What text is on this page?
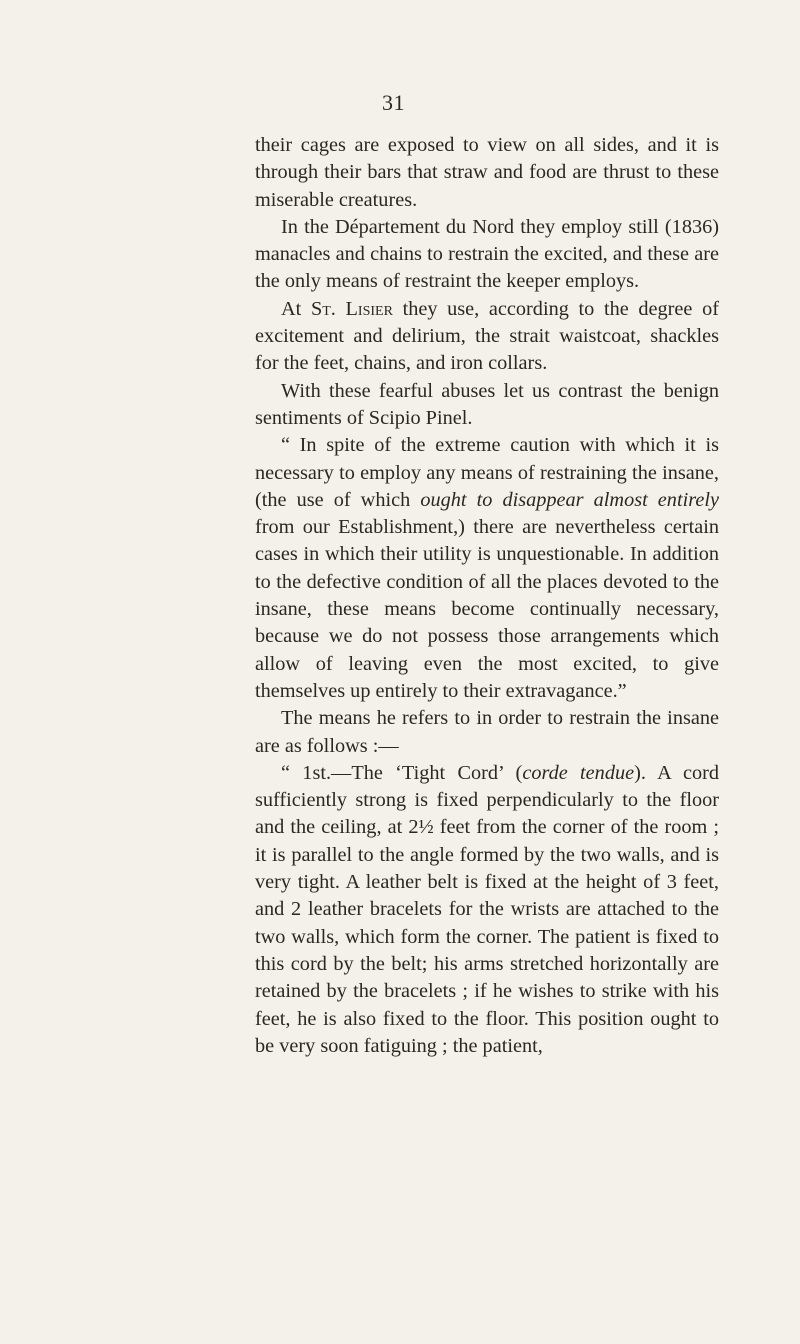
31

their cages are exposed to view on all sides, and it is through their bars that straw and food are thrust to these miserable creatures.

In the Département du Nord they employ still (1836) manacles and chains to restrain the excited, and these are the only means of restraint the keeper employs.

At St. Lisier they use, according to the degree of excitement and delirium, the strait waistcoat, shackles for the feet, chains, and iron collars.

With these fearful abuses let us contrast the benign sentiments of Scipio Pinel.

“ In spite of the extreme caution with which it is necessary to employ any means of restraining the insane, (the use of which ought to disappear almost entirely from our Establishment,) there are nevertheless certain cases in which their utility is unquestionable. In addition to the defective condition of all the places devoted to the insane, these means become continually necessary, because we do not possess those arrangements which allow of leaving even the most excited, to give themselves up entirely to their extravagance.”

The means he refers to in order to restrain the insane are as follows :—

“ 1st.—The ‘Tight Cord’ (corde tendue). A cord sufficiently strong is fixed perpendicularly to the floor and the ceiling, at 2½ feet from the corner of the room ; it is parallel to the angle formed by the two walls, and is very tight. A leather belt is fixed at the height of 3 feet, and 2 leather bracelets for the wrists are attached to the two walls, which form the corner. The patient is fixed to this cord by the belt; his arms stretched horizontally are retained by the bracelets ; if he wishes to strike with his feet, he is also fixed to the floor. This position ought to be very soon fatiguing ; the patient,
